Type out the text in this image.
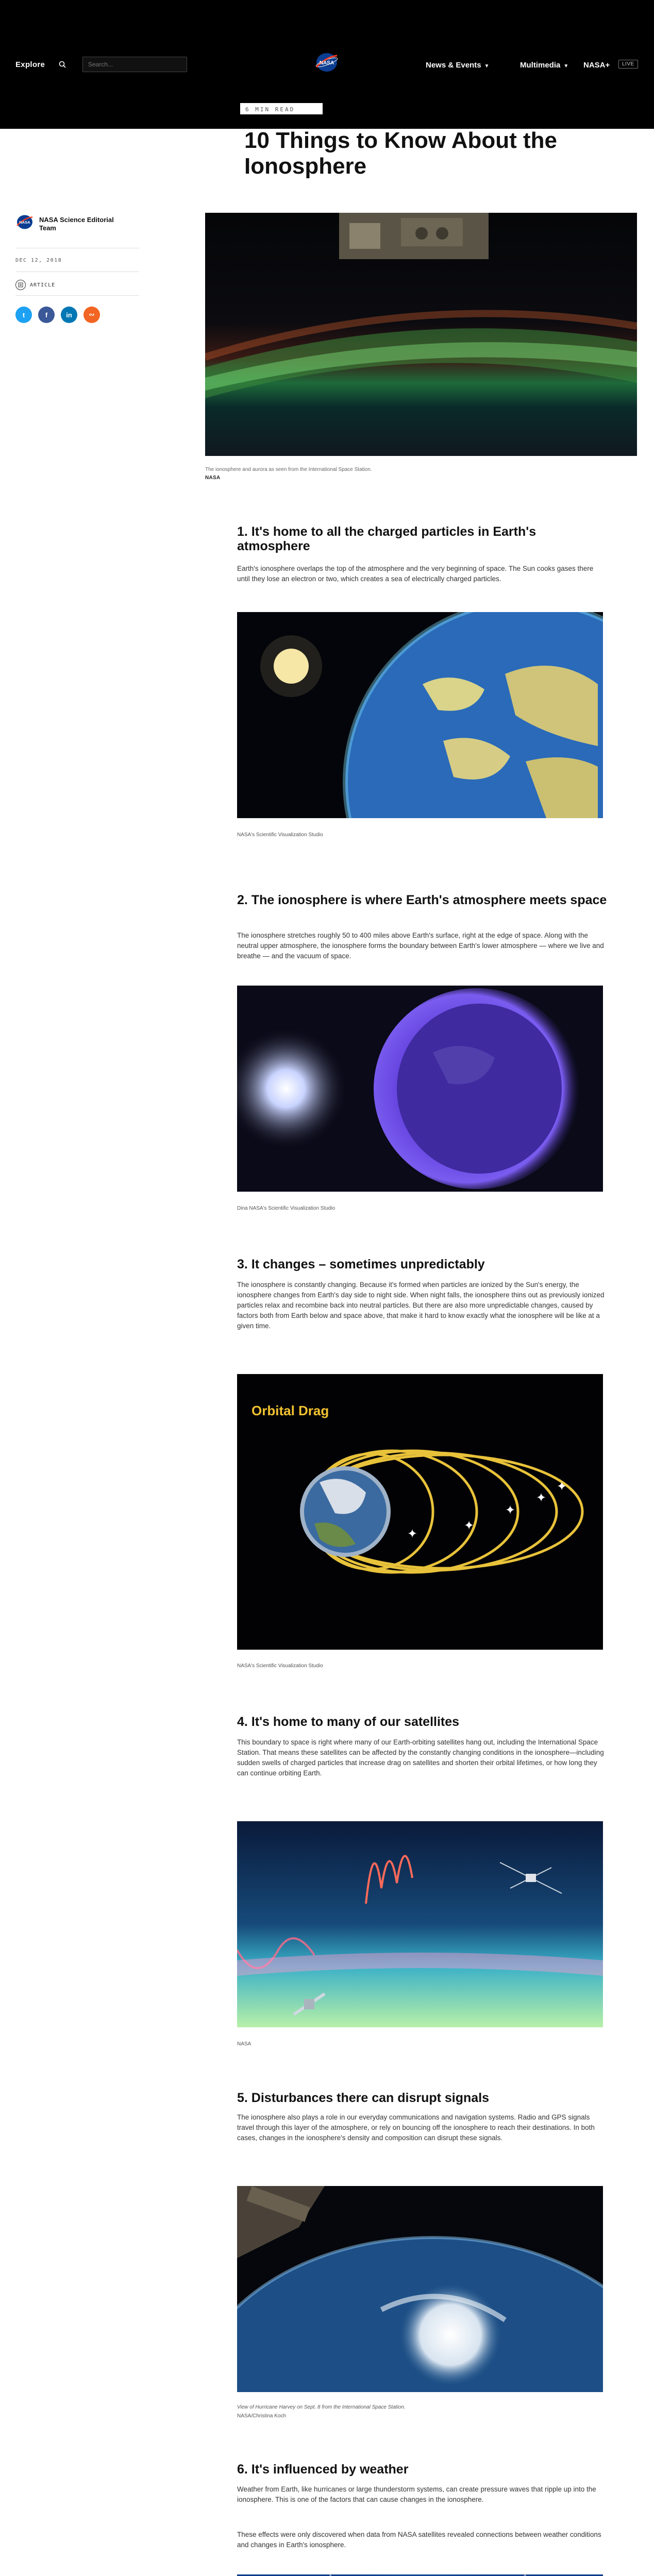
Explore
Search...	NASA	News & Events ▼	Multimedia ▼ NASA+	LIVE
6 MIN READ
10 Things to Know About the Ionosphere
NASA NASA Science Editorial Team
DEC 12, 2018
ARTICLE
t	f	in	∾
The ionosphere and aurora as seen from the International Space Station.
NASA
1. It's home to all the charged particles in Earth's atmosphere

Earth's ionosphere overlaps the top of the atmosphere and the very beginning of space. The Sun cooks gases there until they lose an electron or two, which creates a sea of electrically charged particles.

NASA's Scientific Visualization Studio
2. The ionosphere is where Earth's atmosphere meets space

The ionosphere stretches roughly 50 to 400 miles above Earth's surface, right at the edge of space. Along with the neutral upper atmosphere, the ionosphere forms the boundary between Earth's lower atmosphere — where we live and breathe — and the vacuum of space.

Dina NASA's Scientific Visualization Studio
3. It changes – sometimes unpredictably

The ionosphere is constantly changing. Because it's formed when particles are ionized by the Sun's energy, the ionosphere changes from Earth's day side to night side. When night falls, the ionosphere thins out as previously ionized particles relax and recombine back into neutral particles. But there are also more unpredictable changes, caused by factors both from Earth below and space above, that make it hard to know exactly what the ionosphere will be like at a given time.

Orbital Drag
✦
✦
✦
✦
✦
NASA's Scientific Visualization Studio
4. It's home to many of our satellites

This boundary to space is right where many of our Earth-orbiting satellites hang out, including the International Space Station. That means these satellites can be affected by the constantly changing conditions in the ionosphere—including sudden swells of charged particles that increase drag on satellites and shorten their orbital lifetimes, or how long they can continue orbiting Earth.

NASA
5. Disturbances there can disrupt signals

The ionosphere also plays a role in our everyday communications and navigation systems. Radio and GPS signals travel through this layer of the atmosphere, or rely on bouncing off the ionosphere to reach their destinations. In both cases, changes in the ionosphere's density and composition can disrupt these signals.

View of Hurricane Harvey on Sept. 8 from the International Space Station.
NASA/Christina Koch
6. It's influenced by weather

Weather from Earth, like hurricanes or large thunderstorm systems, can create pressure waves that ripple up into the ionosphere. This is one of the factors that can cause changes in the ionosphere.

These effects were only discovered when data from NASA satellites revealed connections between weather conditions and changes in Earth's ionosphere.
